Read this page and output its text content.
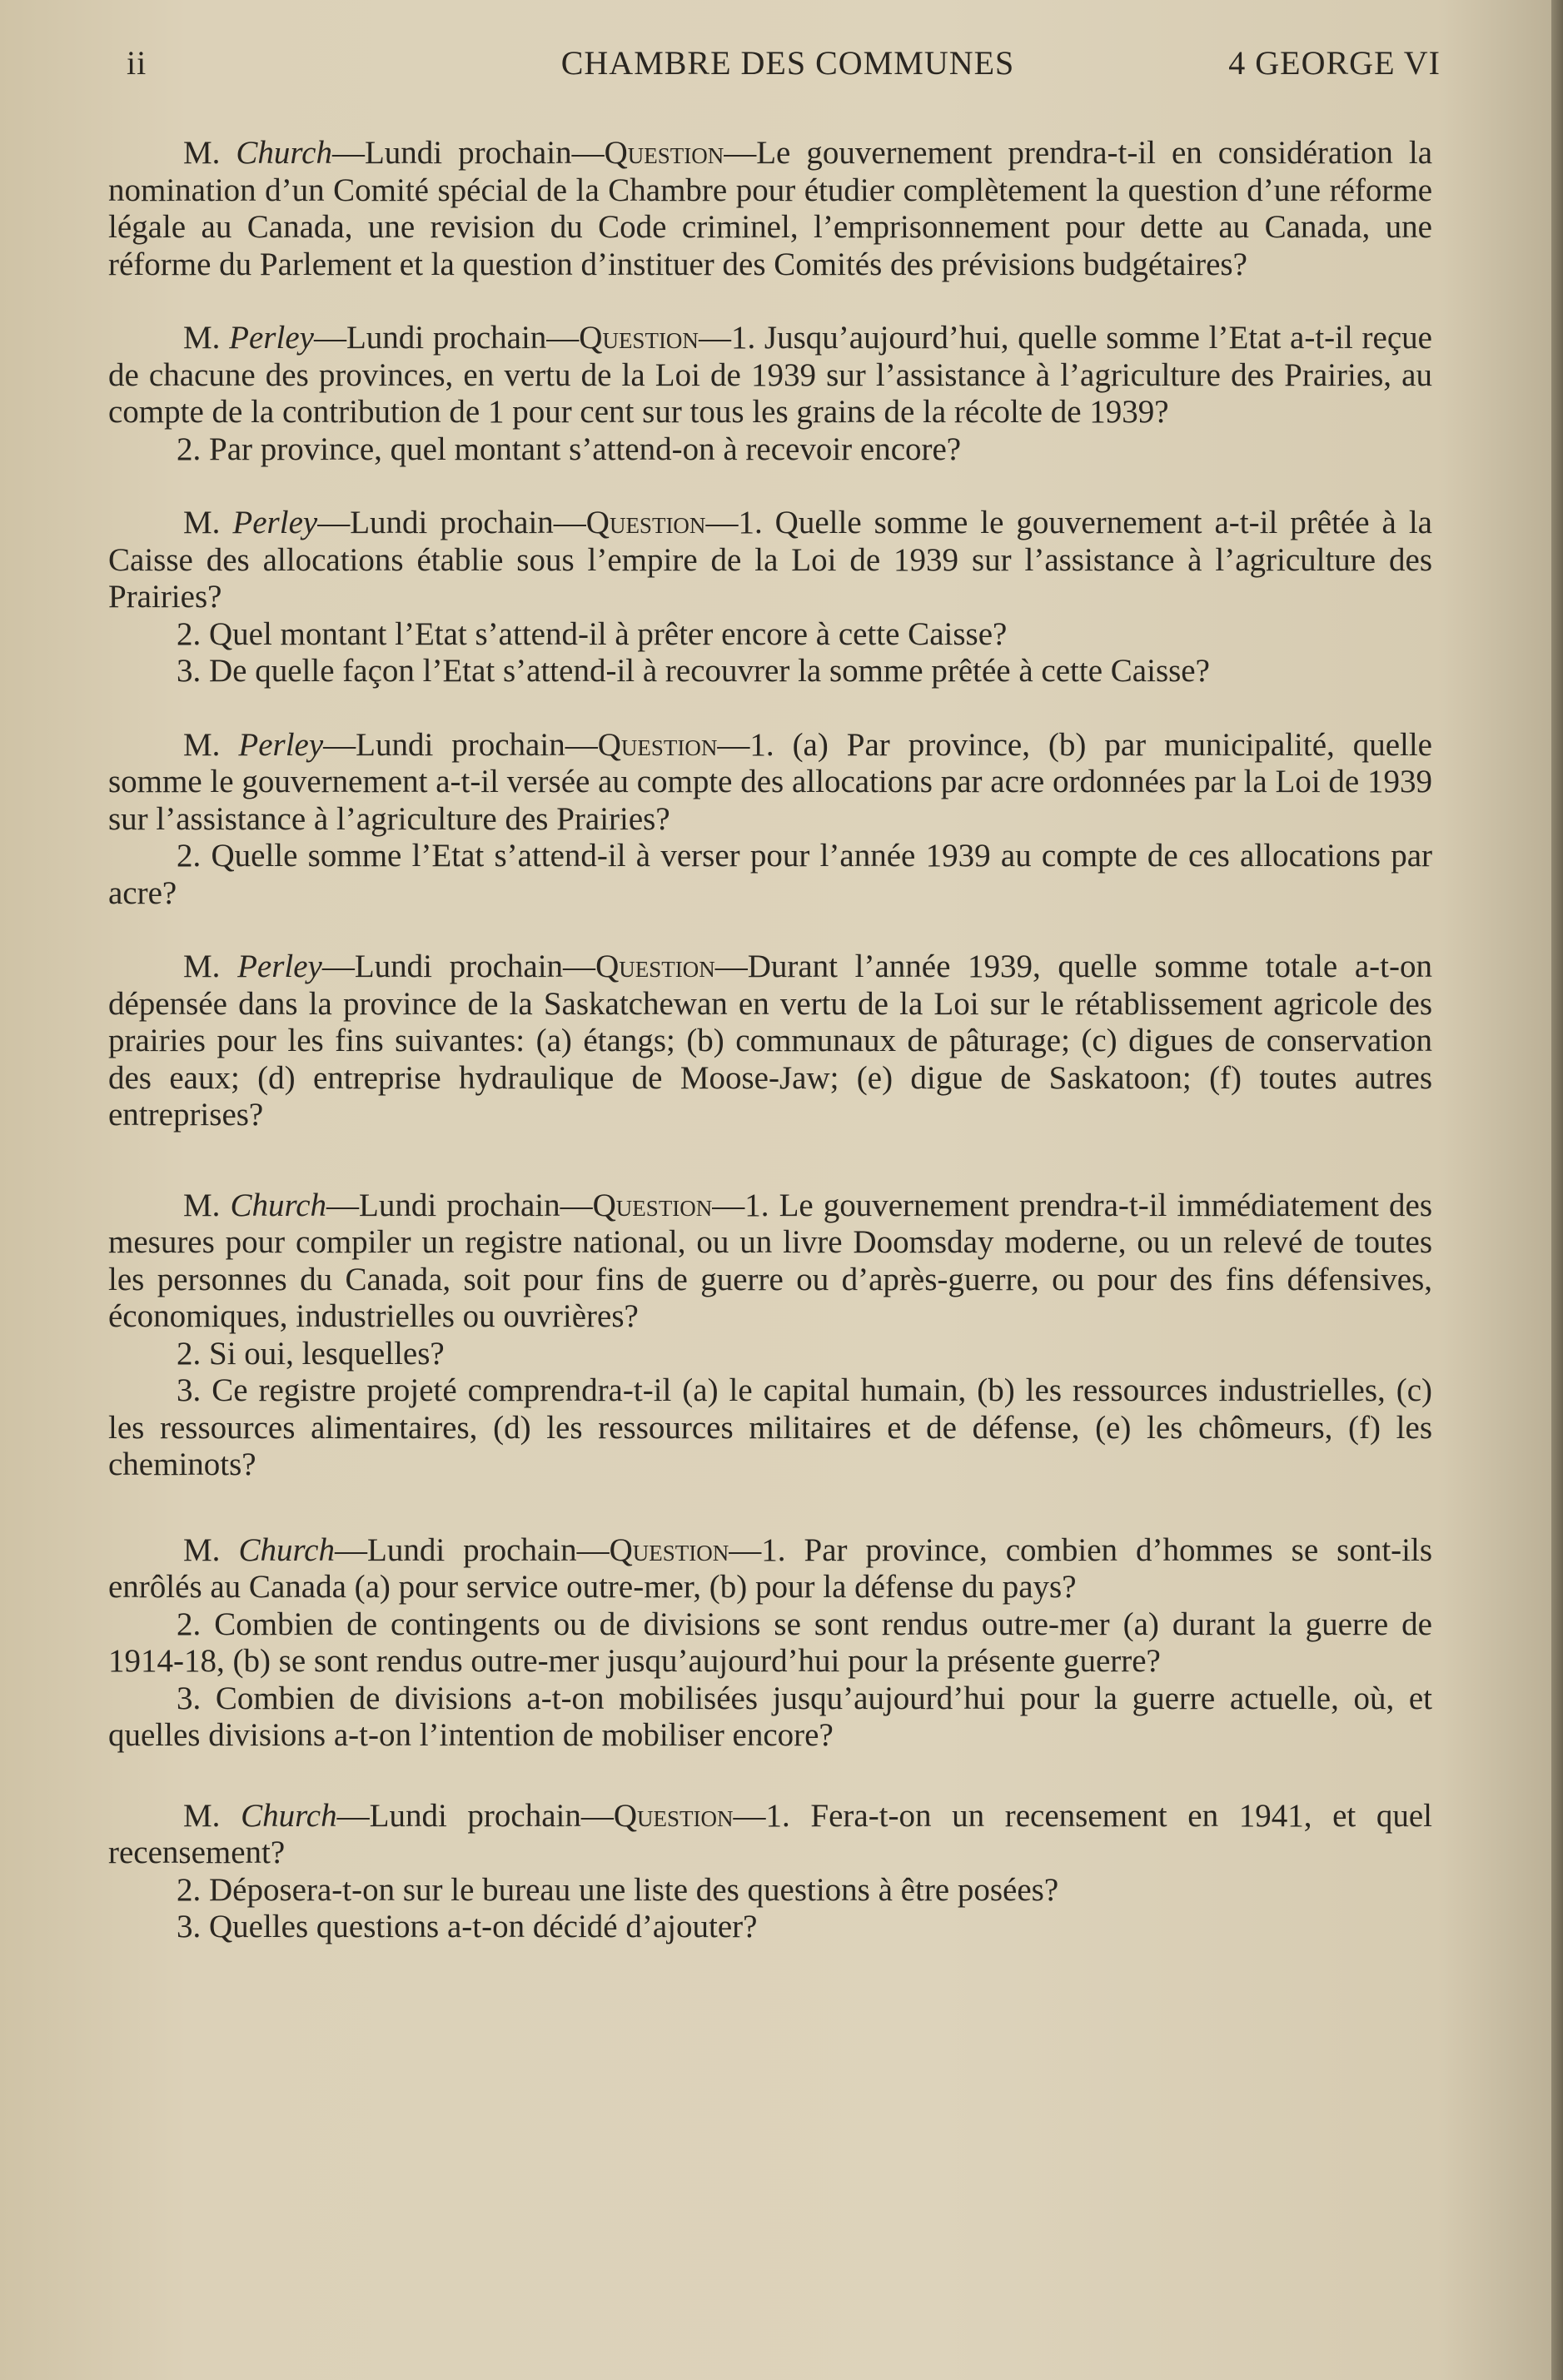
ii	CHAMBRE DES COMMUNES	4 GEORGE VI

M. Church—Lundi prochain—Question—Le gouvernement prendra-t-il en considération la nomination d’un Comité spécial de la Chambre pour étudier complètement la question d’une réforme légale au Canada, une revision du Code criminel, l’emprisonnement pour dette au Canada, une réforme du Parlement et la question d’instituer des Comités des prévisions budgétaires?

M. Perley—Lundi prochain—Question—1. Jusqu’aujourd’hui, quelle somme l’Etat a-t-il reçue de chacune des provinces, en vertu de la Loi de 1939 sur l’assistance à l’agriculture des Prairies, au compte de la contribution de 1 pour cent sur tous les grains de la récolte de 1939?

2. Par province, quel montant s’attend-on à recevoir encore?

M. Perley—Lundi prochain—Question—1. Quelle somme le gouvernement a-t-il prêtée à la Caisse des allocations établie sous l’empire de la Loi de 1939 sur l’assistance à l’agriculture des Prairies?

2. Quel montant l’Etat s’attend-il à prêter encore à cette Caisse?

3. De quelle façon l’Etat s’attend-il à recouvrer la somme prêtée à cette Caisse?

M. Perley—Lundi prochain—Question—1. (a) Par province, (b) par municipalité, quelle somme le gouvernement a-t-il versée au compte des allocations par acre ordonnées par la Loi de 1939 sur l’assistance à l’agriculture des Prairies?

2. Quelle somme l’Etat s’attend-il à verser pour l’année 1939 au compte de ces allocations par acre?

M. Perley—Lundi prochain—Question—Durant l’année 1939, quelle somme totale a-t-on dépensée dans la province de la Saskatchewan en vertu de la Loi sur le rétablissement agricole des prairies pour les fins suivantes: (a) étangs; (b) communaux de pâturage; (c) digues de conservation des eaux; (d) entreprise hydraulique de Moose-Jaw; (e) digue de Saskatoon; (f) toutes autres entreprises?

M. Church—Lundi prochain—Question—1. Le gouvernement prendra-t-il immédiatement des mesures pour compiler un registre national, ou un livre Doomsday moderne, ou un relevé de toutes les personnes du Canada, soit pour fins de guerre ou d’après-guerre, ou pour des fins défensives, économiques, industrielles ou ouvrières?

2. Si oui, lesquelles?

3. Ce registre projeté comprendra-t-il (a) le capital humain, (b) les ressources industrielles, (c) les ressources alimentaires, (d) les ressources militaires et de défense, (e) les chômeurs, (f) les cheminots?

M. Church—Lundi prochain—Question—1. Par province, combien d’hommes se sont-ils enrôlés au Canada (a) pour service outre-mer, (b) pour la défense du pays?

2. Combien de contingents ou de divisions se sont rendus outre-mer (a) durant la guerre de 1914-18, (b) se sont rendus outre-mer jusqu’aujourd’hui pour la présente guerre?

3. Combien de divisions a-t-on mobilisées jusqu’aujourd’hui pour la guerre actuelle, où, et quelles divisions a-t-on l’intention de mobiliser encore?

M. Church—Lundi prochain—Question—1. Fera-t-on un recensement en 1941, et quel recensement?

2. Déposera-t-on sur le bureau une liste des questions à être posées?

3. Quelles questions a-t-on décidé d’ajouter?
